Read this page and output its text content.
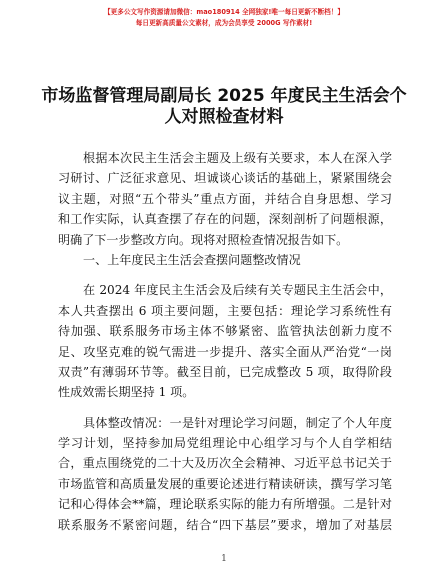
【更多公文写作资源请加微信：mao180914 全网独家!唯一每日更新不断档！】
每日更新高质量公文素材，成为会员享受 2000G 写作素材!
市场监督管理局副局长 2025 年度民主生活会个
人对照检查材料
根据本次民主生活会主题及上级有关要求，本人在深入学
习研讨、广泛征求意见、坦诚谈心谈话的基础上，紧紧围绕会
议主题，对照“五个带头”重点方面，并结合自身思想、学习
和工作实际，认真查摆了存在的问题，深刻剖析了问题根源，
明确了下一步整改方向。现将对照检查情况报告如下。
一、上年度民主生活会查摆问题整改情况
在 2024 年度民主生活会及后续有关专题民主生活会中，
本人共查摆出 6 项主要问题，主要包括：理论学习系统性有
待加强、联系服务市场主体不够紧密、监管执法创新力度不
足、攻坚克难的锐气需进一步提升、落实全面从严治党“一岗
双责”有薄弱环节等。截至目前，已完成整改 5 项，取得阶段
性成效需长期坚持 1 项。
具体整改情况：一是针对理论学习问题，制定了个人年度
学习计划，坚持参加局党组理论中心组学习与个人自学相结
合，重点围绕党的二十大及历次全会精神、习近平总书记关于
市场监管和高质量发展的重要论述进行精读研读，撰写学习笔
记和心得体会**篇，理论联系实际的能力有所增强。二是针对
联系服务不紧密问题，结合“四下基层”要求，增加了对基层
1
